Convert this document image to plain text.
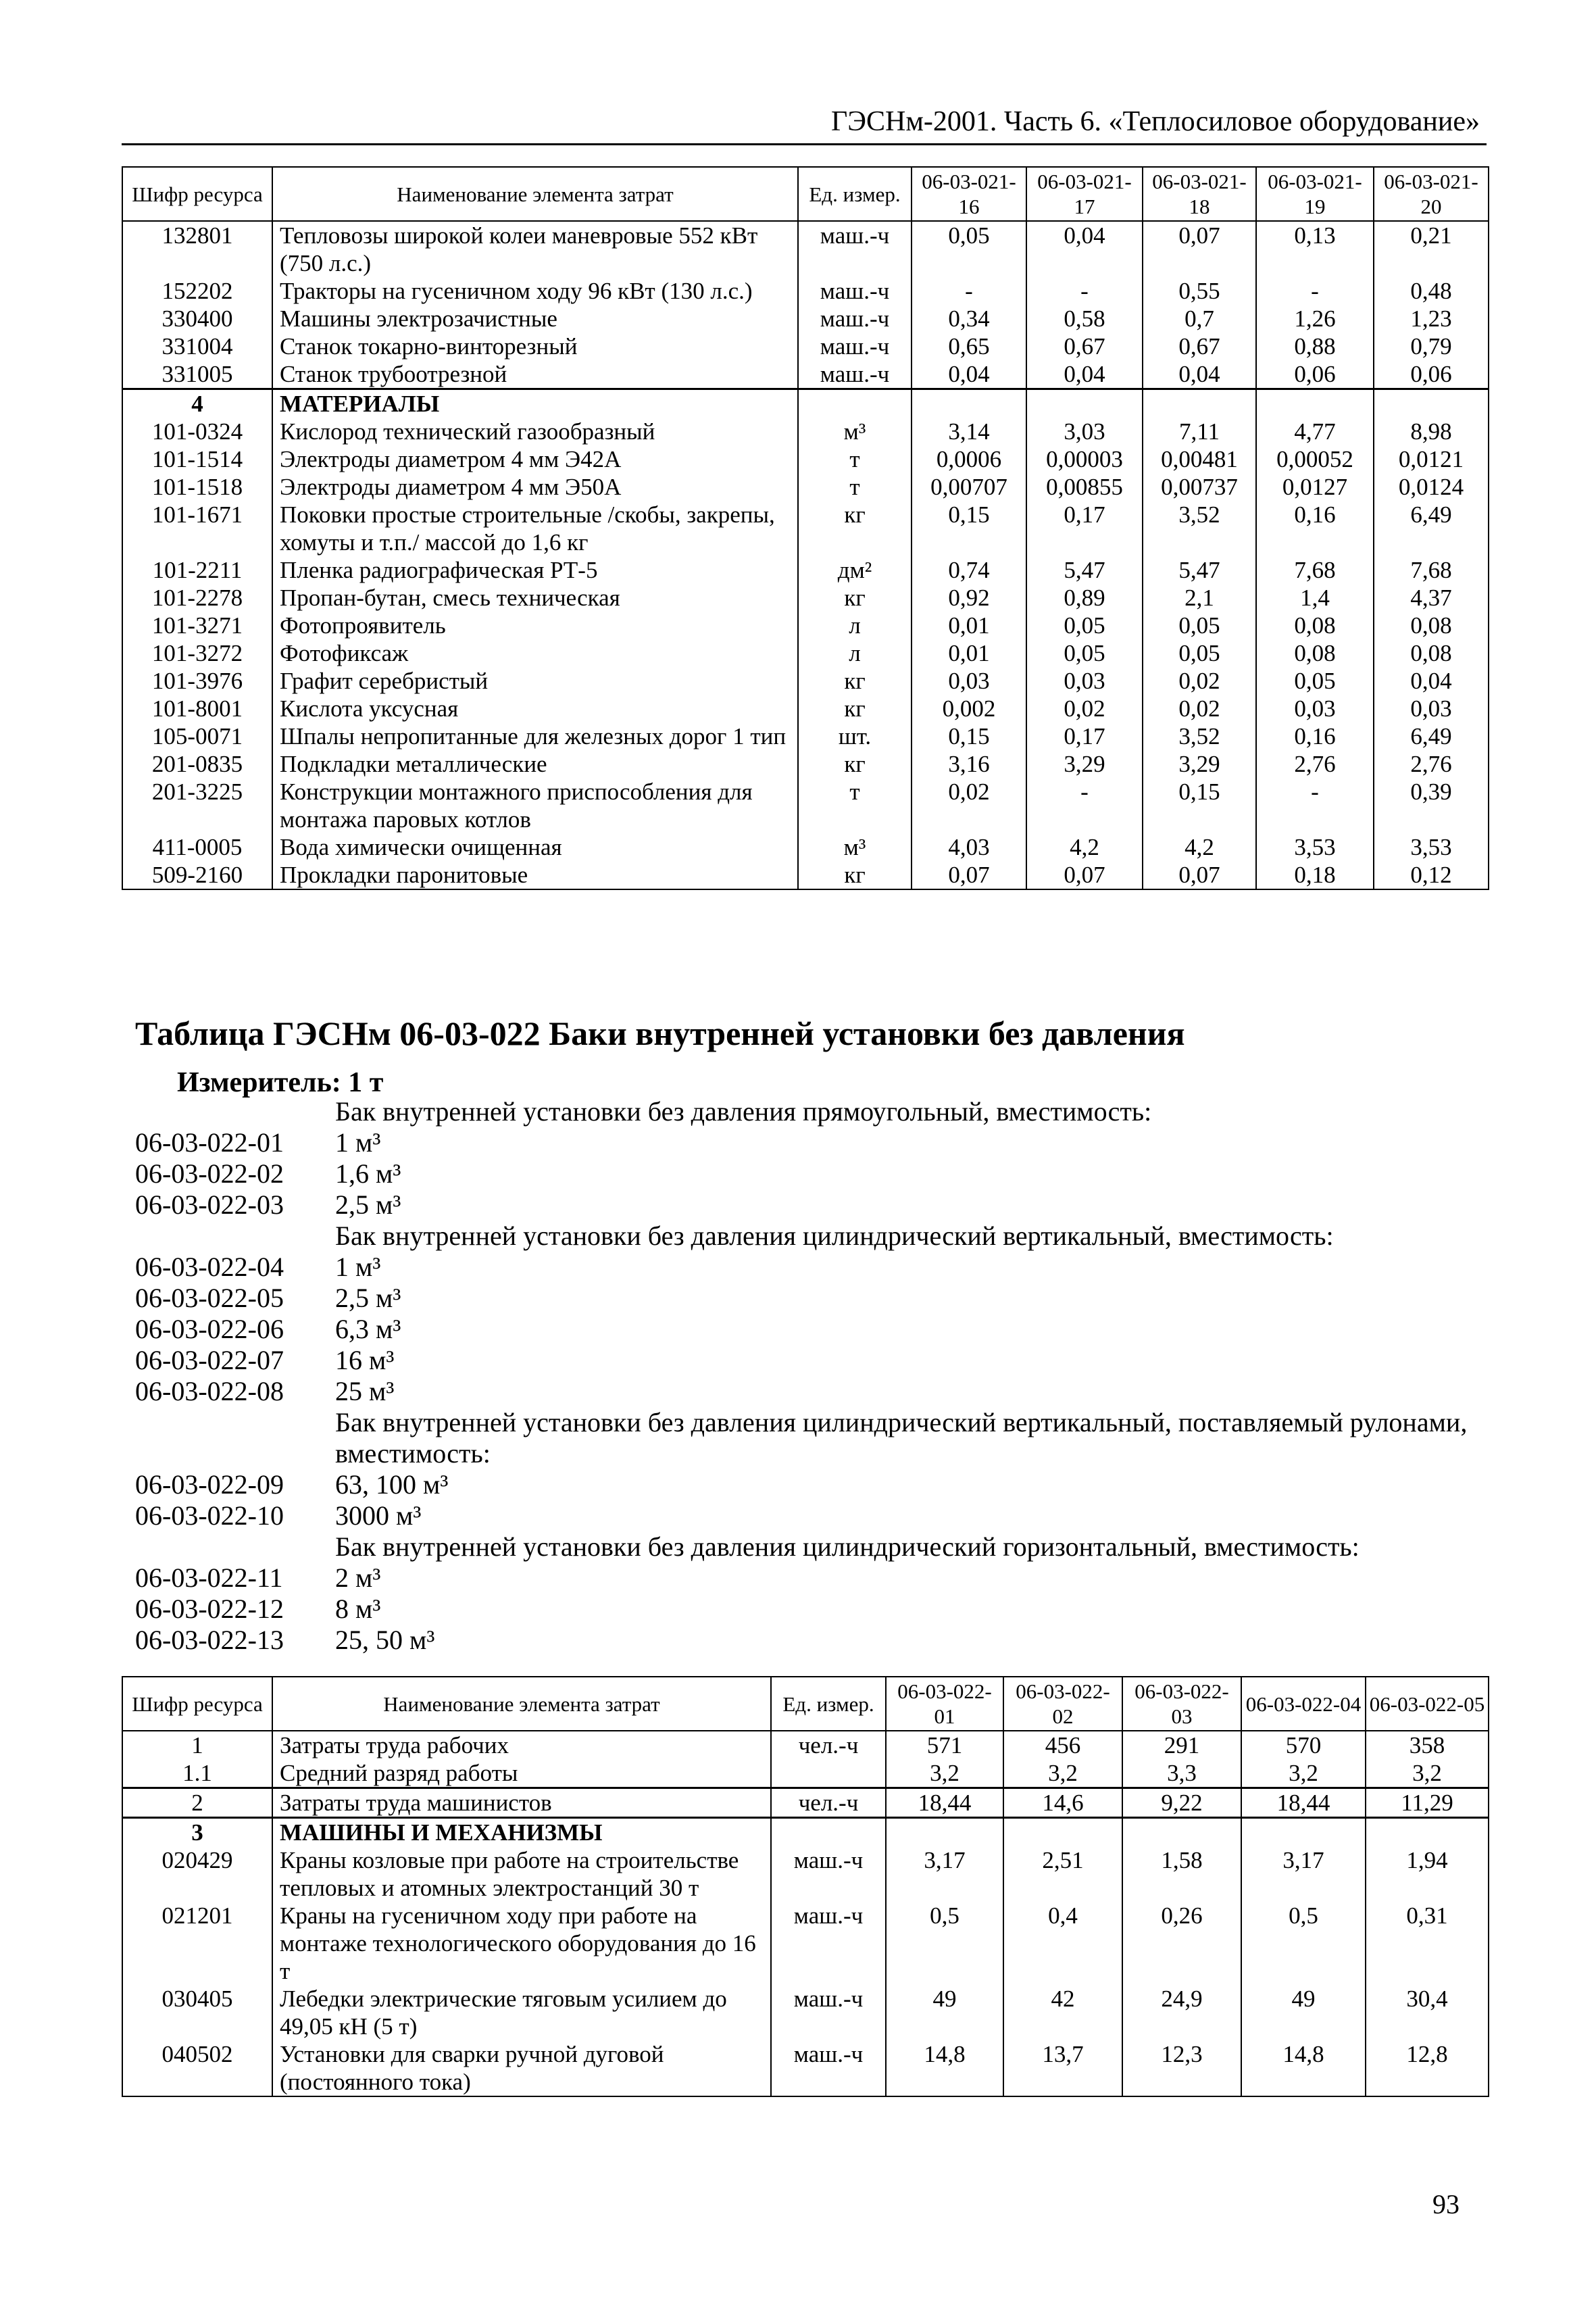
ГЭСНм-2001. Часть 6. «Теплосиловое оборудование»
Шифр ресурса	Наименование элемента затрат	Ед. измер.	06-03-021-16	06-03-021-17	06-03-021-18	06-03-021-19	06-03-021-20
132801	Тепловозы широкой колеи маневровые 552 кВт (750 л.с.)	маш.-ч	0,05	0,04	0,07	0,13	0,21
152202	Тракторы на гусеничном ходу 96 кВт (130 л.с.)	маш.-ч	-	-	0,55	-	0,48
330400	Машины электрозачистные	маш.-ч	0,34	0,58	0,7	1,26	1,23
331004	Станок токарно-винторезный	маш.-ч	0,65	0,67	0,67	0,88	0,79
331005	Станок трубоотрезной	маш.-ч	0,04	0,04	0,04	0,06	0,06
4	МАТЕРИАЛЫ						
101-0324	Кислород технический газообразный	м³	3,14	3,03	7,11	4,77	8,98
101-1514	Электроды диаметром 4 мм Э42А	т	0,0006	0,00003	0,00481	0,00052	0,0121
101-1518	Электроды диаметром 4 мм Э50А	т	0,00707	0,00855	0,00737	0,0127	0,0124
101-1671	Поковки простые строительные /скобы, закрепы, хомуты и т.п./ массой до 1,6 кг	кг	0,15	0,17	3,52	0,16	6,49
101-2211	Пленка радиографическая РТ-5	дм²	0,74	5,47	5,47	7,68	7,68
101-2278	Пропан-бутан, смесь техническая	кг	0,92	0,89	2,1	1,4	4,37
101-3271	Фотопроявитель	л	0,01	0,05	0,05	0,08	0,08
101-3272	Фотофиксаж	л	0,01	0,05	0,05	0,08	0,08
101-3976	Графит серебристый	кг	0,03	0,03	0,02	0,05	0,04
101-8001	Кислота уксусная	кг	0,002	0,02	0,02	0,03	0,03
105-0071	Шпалы непропитанные для железных дорог 1 тип	шт.	0,15	0,17	3,52	0,16	6,49
201-0835	Подкладки металлические	кг	3,16	3,29	3,29	2,76	2,76
201-3225	Конструкции монтажного приспособления для монтажа паровых котлов	т	0,02	-	0,15	-	0,39
411-0005	Вода химически очищенная	м³	4,03	4,2	4,2	3,53	3,53
509-2160	Прокладки паронитовые	кг	0,07	0,07	0,07	0,18	0,12
Таблица ГЭСНм 06-03-022 Баки внутренней установки без давления
Измеритель: 1 т
Бак внутренней установки без давления прямоугольный, вместимость:
06-03-022-01	1 м³
06-03-022-02	1,6 м³
06-03-022-03	2,5 м³
Бак внутренней установки без давления цилиндрический вертикальный, вместимость:
06-03-022-04	1 м³
06-03-022-05	2,5 м³
06-03-022-06	6,3 м³
06-03-022-07	16 м³
06-03-022-08	25 м³
Бак внутренней установки без давления цилиндрический вертикальный, поставляемый рулонами, вместимость:
06-03-022-09	63, 100 м³
06-03-022-10	3000 м³
Бак внутренней установки без давления цилиндрический горизонтальный, вместимость:
06-03-022-11	2 м³
06-03-022-12	8 м³
06-03-022-13	25, 50 м³
Шифр ресурса	Наименование элемента затрат	Ед. измер.	06-03-022-01	06-03-022-02	06-03-022-03	06-03-022-04	06-03-022-05
1	Затраты труда рабочих	чел.-ч	571	456	291	570	358
1.1	Средний разряд работы		3,2	3,2	3,3	3,2	3,2
2	Затраты труда машинистов	чел.-ч	18,44	14,6	9,22	18,44	11,29
3	МАШИНЫ И МЕХАНИЗМЫ						
020429	Краны козловые при работе на строительстве тепловых и атомных электростанций 30 т	маш.-ч	3,17	2,51	1,58	3,17	1,94
021201	Краны на гусеничном ходу при работе на монтаже технологического оборудования до 16 т	маш.-ч	0,5	0,4	0,26	0,5	0,31
030405	Лебедки электрические тяговым усилием до 49,05 кН (5 т)	маш.-ч	49	42	24,9	49	30,4
040502	Установки для сварки ручной дуговой (постоянного тока)	маш.-ч	14,8	13,7	12,3	14,8	12,8
93
